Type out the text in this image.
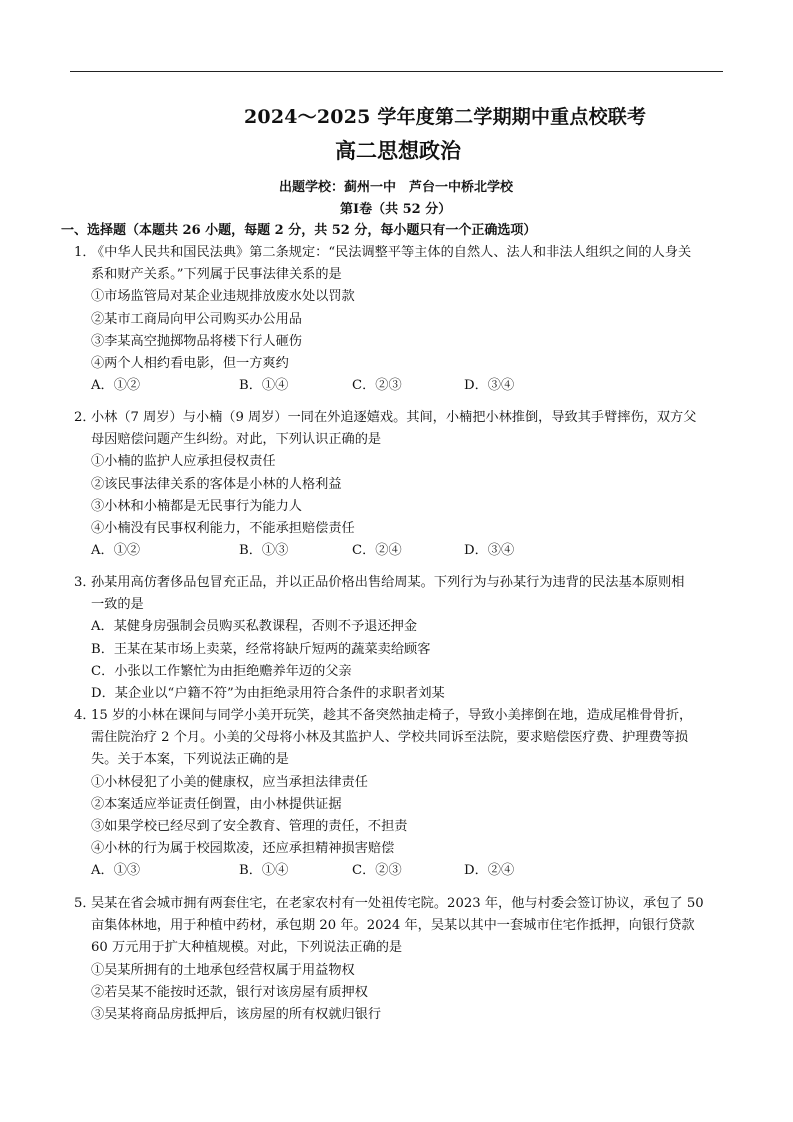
2024～2025 学年度第二学期期中重点校联考
高二思想政治
出题学校：蓟州一中　芦台一中桥北学校
第Ⅰ卷（共 52 分）
一、选择题（本题共 26 小题，每题 2 分，共 52 分，每小题只有一个正确选项）
1．
《中华人民共和国民法典》第二条规定：“民法调整平等主体的自然人、法人和非法人组织之间的人身关
系和财产关系。”下列属于民事法律关系的是
①市场监管局对某企业违规排放废水处以罚款
②某市工商局向甲公司购买办公用品
③李某高空抛掷物品将楼下行人砸伤
④两个人相约看电影，但一方爽约
A．①②	B．①④	C．②③	D．③④
2．
小林（7 周岁）与小楠（9 周岁）一同在外追逐嬉戏。其间，小楠把小林推倒，导致其手臂摔伤，双方父
母因赔偿问题产生纠纷。对此，下列认识正确的是
①小楠的监护人应承担侵权责任
②该民事法律关系的客体是小林的人格利益
③小林和小楠都是无民事行为能力人
④小楠没有民事权利能力，不能承担赔偿责任
A．①②	B．①③	C．②④	D．③④
3．
孙某用高仿奢侈品包冒充正品，并以正品价格出售给周某。下列行为与孙某行为违背的民法基本原则相
一致的是
A．某健身房强制会员购买私教课程，否则不予退还押金
B．王某在某市场上卖菜，经常将缺斤短两的蔬菜卖给顾客
C．小张以工作繁忙为由拒绝赡养年迈的父亲
D．某企业以“户籍不符”为由拒绝录用符合条件的求职者刘某
4．
15 岁的小林在课间与同学小美开玩笑，趁其不备突然抽走椅子，导致小美摔倒在地，造成尾椎骨骨折，
需住院治疗 2 个月。小美的父母将小林及其监护人、学校共同诉至法院，要求赔偿医疗费、护理费等损
失。关于本案，下列说法正确的是
①小林侵犯了小美的健康权，应当承担法律责任
②本案适应举证责任倒置，由小林提供证据
③如果学校已经尽到了安全教育、管理的责任，不担责
④小林的行为属于校园欺凌，还应承担精神损害赔偿
A．①③	B．①④	C．②③	D．②④
5．
吴某在省会城市拥有两套住宅，在老家农村有一处祖传宅院。2023 年，他与村委会签订协议，承包了 50
亩集体林地，用于种植中药材，承包期 20 年。2024 年，吴某以其中一套城市住宅作抵押，向银行贷款
60 万元用于扩大种植规模。对此，下列说法正确的是
①吴某所拥有的土地承包经营权属于用益物权
②若吴某不能按时还款，银行对该房屋有质押权
③吴某将商品房抵押后，该房屋的所有权就归银行
